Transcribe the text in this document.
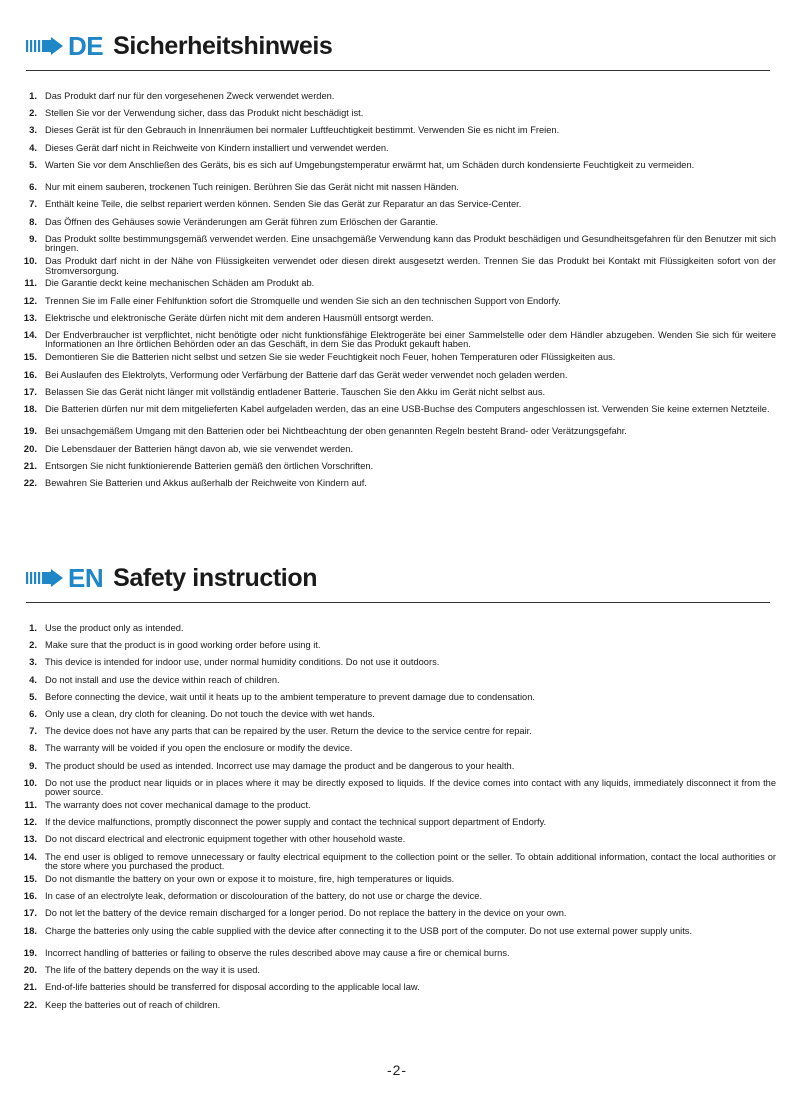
DE Sicherheitshinweis
1. Das Produkt darf nur für den vorgesehenen Zweck verwendet werden.
2. Stellen Sie vor der Verwendung sicher, dass das Produkt nicht beschädigt ist.
3. Dieses Gerät ist für den Gebrauch in Innenräumen bei normaler Luftfeuchtigkeit bestimmt. Verwenden Sie es nicht im Freien.
4. Dieses Gerät darf nicht in Reichweite von Kindern installiert und verwendet werden.
5. Warten Sie vor dem Anschließen des Geräts, bis es sich auf Umgebungstemperatur erwärmt hat, um Schäden durch kondensierte Feuchtigkeit zu vermeiden.
6. Nur mit einem sauberen, trockenen Tuch reinigen. Berühren Sie das Gerät nicht mit nassen Händen.
7. Enthält keine Teile, die selbst repariert werden können. Senden Sie das Gerät zur Reparatur an das Service-Center.
8. Das Öffnen des Gehäuses sowie Veränderungen am Gerät führen zum Erlöschen der Garantie.
9. Das Produkt sollte bestimmungsgemäß verwendet werden. Eine unsachgemäße Verwendung kann das Produkt beschädigen und Gesundheitsgefahren für den Benutzer mit sich bringen.
10. Das Produkt darf nicht in der Nähe von Flüssigkeiten verwendet oder diesen direkt ausgesetzt werden. Trennen Sie das Produkt bei Kontakt mit Flüssigkeiten sofort von der Stromversorgung.
11. Die Garantie deckt keine mechanischen Schäden am Produkt ab.
12. Trennen Sie im Falle einer Fehlfunktion sofort die Stromquelle und wenden Sie sich an den technischen Support von Endorfy.
13. Elektrische und elektronische Geräte dürfen nicht mit dem anderen Hausmüll entsorgt werden.
14. Der Endverbraucher ist verpflichtet, nicht benötigte oder nicht funktionsfähige Elektrogeräte bei einer Sammelstelle oder dem Händler abzugeben. Wenden Sie sich für weitere Informationen an Ihre örtlichen Behörden oder an das Geschäft, in dem Sie das Produkt gekauft haben.
15. Demontieren Sie die Batterien nicht selbst und setzen Sie sie weder Feuchtigkeit noch Feuer, hohen Temperaturen oder Flüssigkeiten aus.
16. Bei Auslaufen des Elektrolyts, Verformung oder Verfärbung der Batterie darf das Gerät weder verwendet noch geladen werden.
17. Belassen Sie das Gerät nicht länger mit vollständig entladener Batterie. Tauschen Sie den Akku im Gerät nicht selbst aus.
18. Die Batterien dürfen nur mit dem mitgelieferten Kabel aufgeladen werden, das an eine USB-Buchse des Computers angeschlossen ist. Verwenden Sie keine externen Netzteile.
19. Bei unsachgemäßem Umgang mit den Batterien oder bei Nichtbeachtung der oben genannten Regeln besteht Brand- oder Verätzungsgefahr.
20. Die Lebensdauer der Batterien hängt davon ab, wie sie verwendet werden.
21. Entsorgen Sie nicht funktionierende Batterien gemäß den örtlichen Vorschriften.
22. Bewahren Sie Batterien und Akkus außerhalb der Reichweite von Kindern auf.
EN Safety instruction
1. Use the product only as intended.
2. Make sure that the product is in good working order before using it.
3. This device is intended for indoor use, under normal humidity conditions. Do not use it outdoors.
4. Do not install and use the device within reach of children.
5. Before connecting the device, wait until it heats up to the ambient temperature to prevent damage due to condensation.
6. Only use a clean, dry cloth for cleaning. Do not touch the device with wet hands.
7. The device does not have any parts that can be repaired by the user. Return the device to the service centre for repair.
8. The warranty will be voided if you open the enclosure or modify the device.
9. The product should be used as intended. Incorrect use may damage the product and be dangerous to your health.
10. Do not use the product near liquids or in places where it may be directly exposed to liquids. If the device comes into contact with any liquids, immediately disconnect it from the power source.
11. The warranty does not cover mechanical damage to the product.
12. If the device malfunctions, promptly disconnect the power supply and contact the technical support department of Endorfy.
13. Do not discard electrical and electronic equipment together with other household waste.
14. The end user is obliged to remove unnecessary or faulty electrical equipment to the collection point or the seller. To obtain additional information, contact the local authorities or the store where you purchased the product.
15. Do not dismantle the battery on your own or expose it to moisture, fire, high temperatures or liquids.
16. In case of an electrolyte leak, deformation or discolouration of the battery, do not use or charge the device.
17. Do not let the battery of the device remain discharged for a longer period. Do not replace the battery in the device on your own.
18. Charge the batteries only using the cable supplied with the device after connecting it to the USB port of the computer. Do not use external power supply units.
19. Incorrect handling of batteries or failing to observe the rules described above may cause a fire or chemical burns.
20. The life of the battery depends on the way it is used.
21. End-of-life batteries should be transferred for disposal according to the applicable local law.
22. Keep the batteries out of reach of children.
-2-
